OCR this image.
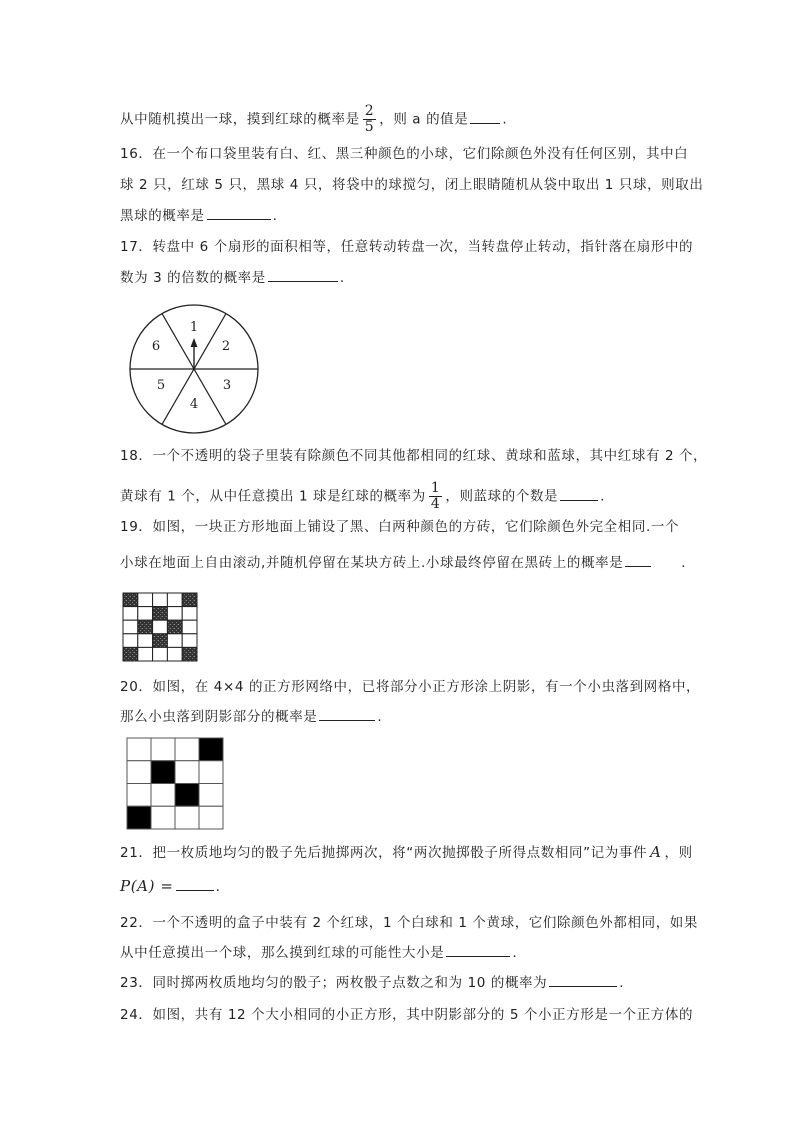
从中随机摸出一球，摸到红球的概率是 $\frac{2}{5}$ ，则 a 的值是	.
16．在一个布口袋里装有白、红、黑三种颜色的小球，它们除颜色外没有任何区别，其中白
球 2 只，红球 5 只，黑球 4 只，将袋中的球搅匀，闭上眼睛随机从袋中取出 1 只球，则取出
黑球的概率是	.
17．转盘中 6 个扇形的面积相等，任意转动转盘一次，当转盘停止转动，指针落在扇形中的
数为 3 的倍数的概率是	.
1
2
3
4
5
6
18．一个不透明的袋子里装有除颜色不同其他都相同的红球、黄球和蓝球，其中红球有 2 个，
黄球有 1 个，从中任意摸出 1 球是红球的概率为 $\frac{1}{4}$ ，则蓝球的个数是	.
19．如图，一块正方形地面上铺设了黑、白两种颜色的方砖，它们除颜色外完全相同.一个
小球在地面上自由滚动,并随机停留在某块方砖上.小球最终停留在黑砖上的概率是	.
20．如图，在 4×4 的正方形网络中，已将部分小正方形涂上阴影，有一个小虫落到网格中，
那么小虫落到阴影部分的概率是	.
21．把一枚质地均匀的骰子先后抛掷两次，将“两次抛掷骰子所得点数相同”记为事件 A ，则
P(A) =	.
22．一个不透明的盒子中装有 2 个红球，1 个白球和 1 个黄球，它们除颜色外都相同，如果
从中任意摸出一个球，那么摸到红球的可能性大小是	.
23．同时掷两枚质地均匀的骰子；两枚骰子点数之和为 10 的概率为	.
24．如图，共有 12 个大小相同的小正方形，其中阴影部分的 5 个小正方形是一个正方体的
